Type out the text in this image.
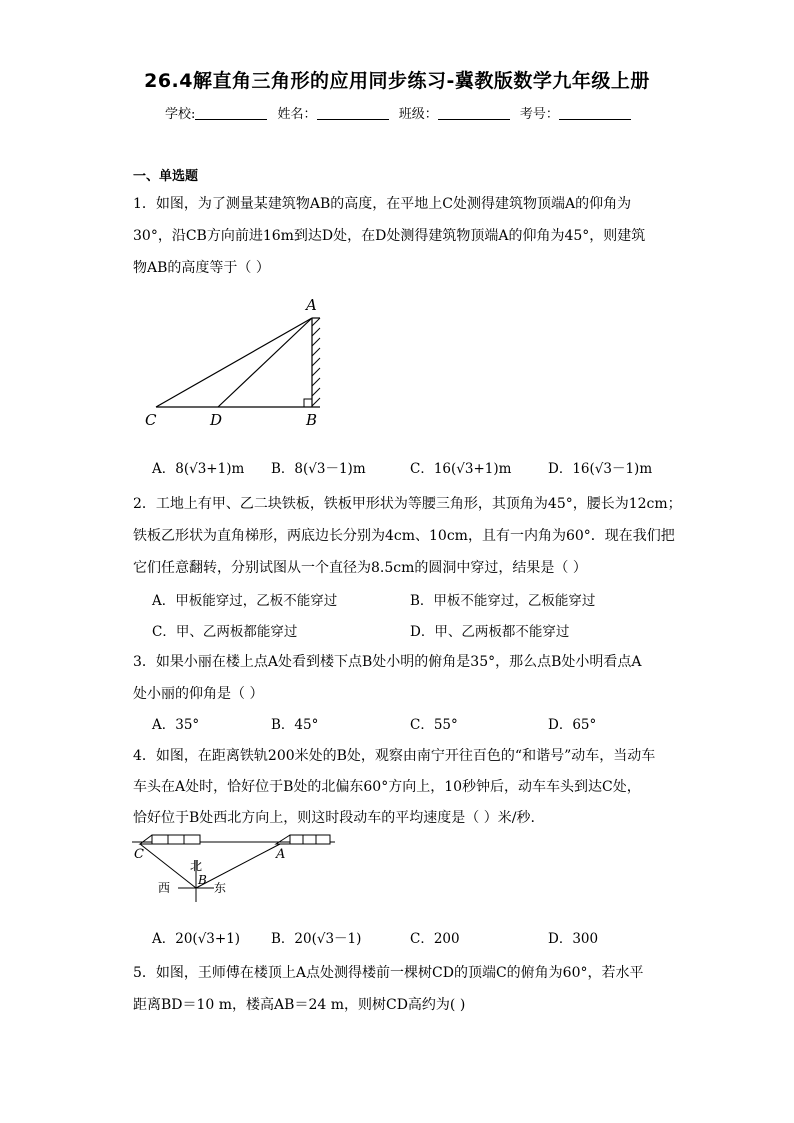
26.4解直角三角形的应用同步练习-冀教版数学九年级上册
学校:	姓名：	班级：	考号：
一、单选题
1．如图，为了测量某建筑物AB的高度，在平地上C处测得建筑物顶端A的仰角为
30°，沿CB方向前进16m到达D处，在D处测得建筑物顶端A的仰角为45°，则建筑
物AB的高度等于（ ）
A
C	D	B
A．8(√3+1)m B．8(√3－1)m	C．16(√3+1)m	D．16(√3－1)m
2．工地上有甲、乙二块铁板，铁板甲形状为等腰三角形，其顶角为45°，腰长为12cm；
铁板乙形状为直角梯形，两底边长分别为4cm、10cm，且有一内角为60°．现在我们把
它们任意翻转，分别试图从一个直径为8.5cm的圆洞中穿过，结果是（ ）
A．甲板能穿过，乙板不能穿过	B．甲板不能穿过，乙板能穿过
C．甲、乙两板都能穿过	D．甲、乙两板都不能穿过
3．如果小丽在楼上点A处看到楼下点B处小明的俯角是35°，那么点B处小明看点A
处小丽的仰角是（ ）
A．35°	B．45°	C．55°	D．65°
4．如图，在距离铁轨200米处的B处，观察由南宁开往百色的“和谐号”动车，当动车
车头在A处时，恰好位于B处的北偏东60°方向上，10秒钟后，动车车头到达C处，
恰好位于B处西北方向上，则这时段动车的平均速度是（ ）米/秒.
C	A
B
北
西	东
A．20(√3+1) B．20(√3－1)	C．200	D．300
5．如图，王师傅在楼顶上A点处测得楼前一棵树CD的顶端C的俯角为60°，若水平
距离BD＝10 m，楼高AB＝24 m，则树CD高约为( )
